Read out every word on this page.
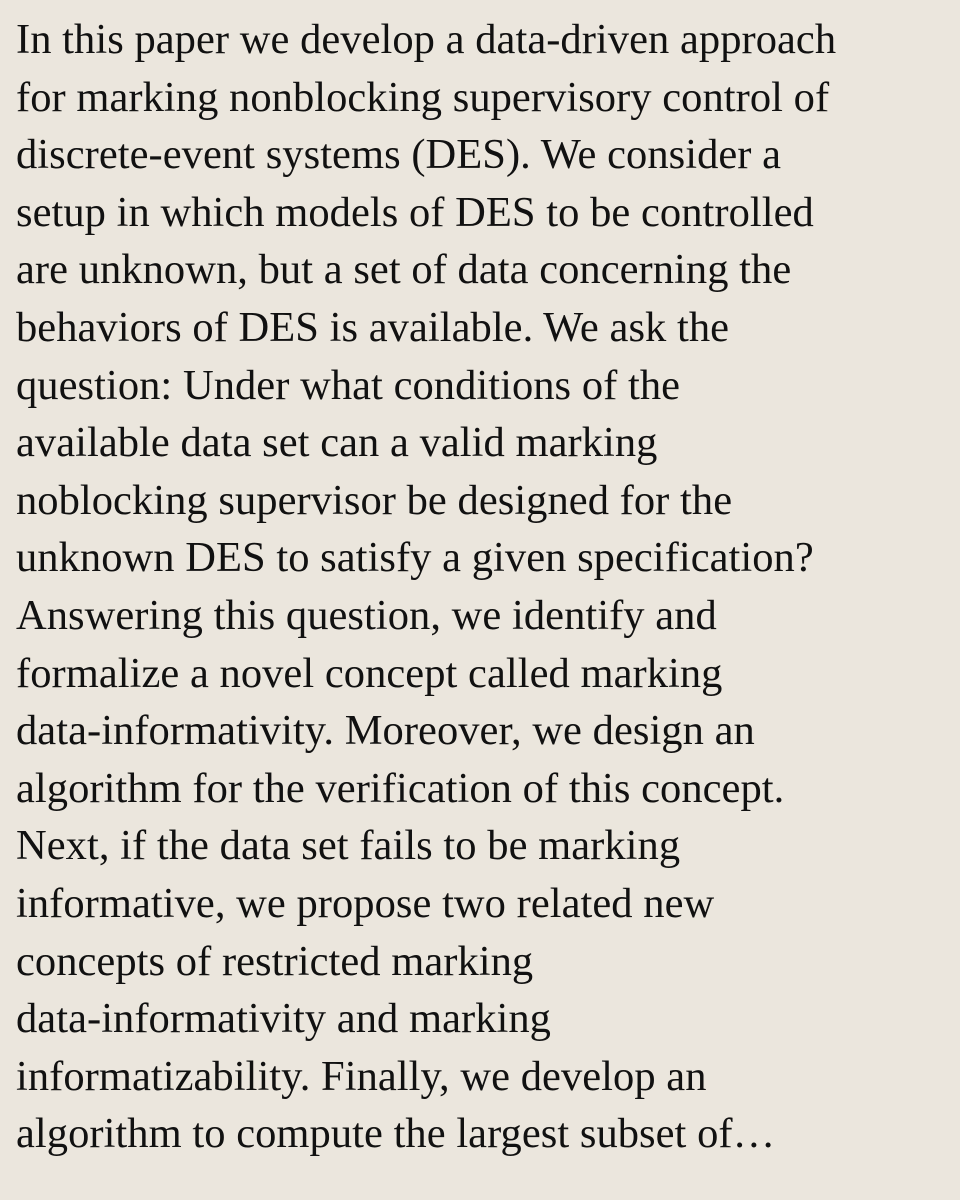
In this paper we develop a data-driven approach
for marking nonblocking supervisory control of
discrete-event systems (DES). We consider a
setup in which models of DES to be controlled
are unknown, but a set of data concerning the
behaviors of DES is available. We ask the
question: Under what conditions of the
available data set can a valid marking
noblocking supervisor be designed for the
unknown DES to satisfy a given specification?
Answering this question, we identify and
formalize a novel concept called marking
data-informativity. Moreover, we design an
algorithm for the verification of this concept.
Next, if the data set fails to be marking
informative, we propose two related new
concepts of restricted marking
data-informativity and marking
informatizability. Finally, we develop an
algorithm to compute the largest subset of…
